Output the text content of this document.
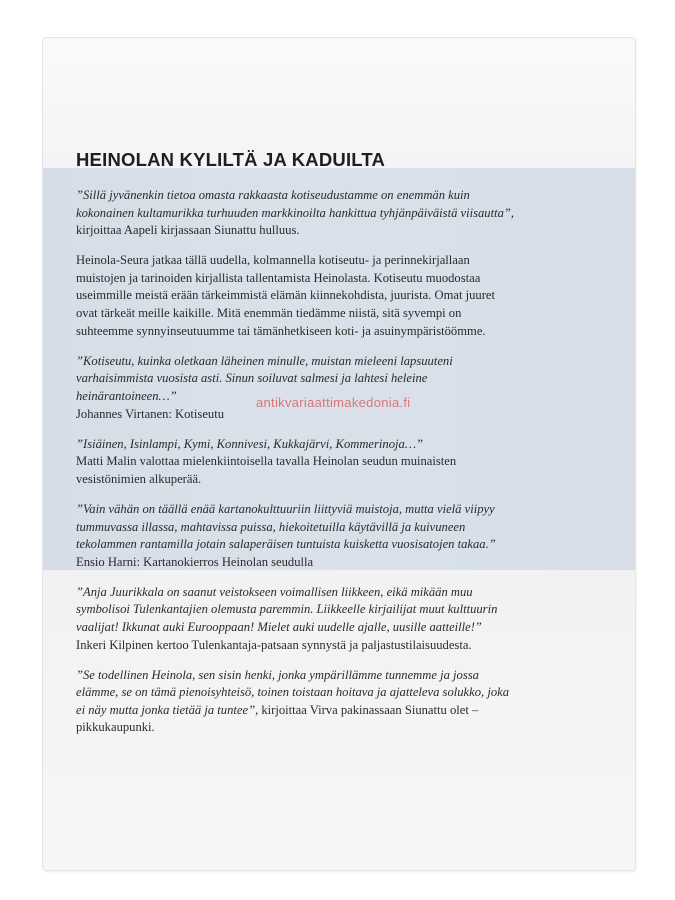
HEINOLAN KYLILTÄ JA KADUILTA

”Sillä jyvänenkin tietoa omasta rakkaasta kotiseudustamme on enemmän kuin kokonainen kultamurikka turhuuden markkinoilta hankittua tyhjänpäiväistä viisautta”, kirjoittaa Aapeli kirjassaan Siunattu hulluus.

Heinola-Seura jatkaa tällä uudella, kolmannella kotiseutu- ja perinnekirjallaan muistojen ja tarinoiden kirjallista tallentamista Heinolasta. Kotiseutu muodostaa useimmille meistä erään tärkeimmistä elämän kiinnekohdista, juurista. Omat juuret ovat tärkeät meille kaikille. Mitä enemmän tiedämme niistä, sitä syvempi on suhteemme synnyinseutuumme tai tämänhetkiseen koti- ja asuinympäristöömme.

”Kotiseutu, kuinka oletkaan läheinen minulle, muistan mieleeni lapsuuteni varhaisimmista vuosista asti. Sinun soiluvat salmesi ja lahtesi heleine heinärantoineen…”
Johannes Virtanen: Kotiseutu

”Isiäinen, Isinlampi, Kymi, Konnivesi, Kukkajärvi, Kommerinoja…”
Matti Malin valottaa mielenkiintoisella tavalla Heinolan seudun muinaisten vesistönimien alkuperää.

”Vain vähän on täällä enää kartanokulttuuriin liittyviä muistoja, mutta vielä viipyy tummuvassa illassa, mahtavissa puissa, hiekoitetuilla käytävillä ja kuivuneen tekolammen rantamilla jotain salaperäisen tuntuista kuisketta vuosisatojen takaa.”
Ensio Harni: Kartanokierros Heinolan seudulla

”Anja Juurikkala on saanut veistokseen voimallisen liikkeen, eikä mikään muu symbolisoi Tulenkantajien olemusta paremmin. Liikkeelle kirjailijat muut kulttuurin vaalijat! Ikkunat auki Eurooppaan! Mielet auki uudelle ajalle, uusille aatteille!”
Inkeri Kilpinen kertoo Tulenkantaja-patsaan synnystä ja paljastustilaisuudesta.

”Se todellinen Heinola, sen sisin henki, jonka ympärillämme tunnemme ja jossa elämme, se on tämä pienoisyhteisö, toinen toistaan hoitava ja ajatteleva solukko, joka ei näy mutta jonka tietää ja tuntee”, kirjoittaa Virva pakinassaan Siunattu olet – pikkukaupunki.

antikvariaattimakedonia.fi
